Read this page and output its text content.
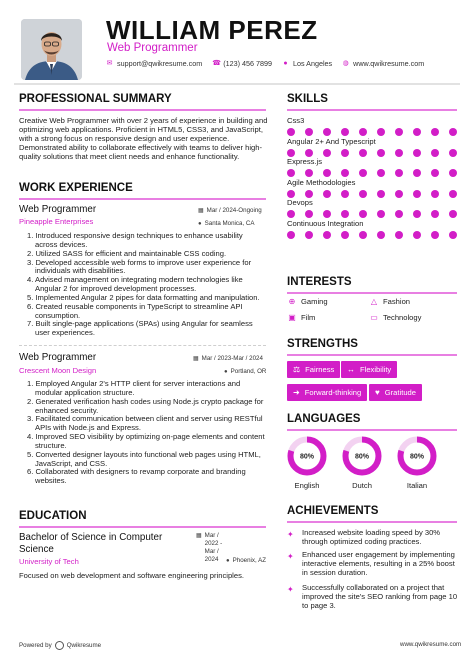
WILLIAM PEREZ
Web Programmer
✉ support@qwikresume.com ☎ (123) 456 7899 ● Los Angeles ◍ www.qwikresume.com
PROFESSIONAL SUMMARY
Creative Web Programmer with over 2 years of experience in building and optimizing web applications. Proficient in HTML5, CSS3, and JavaScript, with a strong focus on responsive design and user experience. Demonstrated ability to collaborate effectively with teams to deliver high-quality solutions that meet client needs and enhance functionality.
WORK EXPERIENCE
Web Programmer	▦ Mar / 2024-Ongoing
Pineapple Enterprises	● Santa Monica, CA
1. Introduced responsive design techniques to enhance usability across devices.
2. Utilized SASS for efficient and maintainable CSS coding.
3. Developed accessible web forms to improve user experience for individuals with disabilities.
4. Advised management on integrating modern technologies like Angular 2 for improved development processes.
5. Implemented Angular 2 pipes for data formatting and manipulation.
6. Created reusable components in TypeScript to streamline API consumption.
7. Built single-page applications (SPAs) using Angular for seamless user experiences.
Web Programmer	▦ Mar / 2023-Mar / 2024
Crescent Moon Design	● Portland, OR
1. Employed Angular 2's HTTP client for server interactions and modular application structure.
2. Generated verification hash codes using Node.js crypto package for enhanced security.
3. Facilitated communication between client and server using RESTful APIs with Node.js and Express.
4. Improved SEO visibility by optimizing on-page elements and content structure.
5. Converted designer layouts into functional web pages using HTML, JavaScript, and CSS.
6. Collaborated with designers to revamp corporate and branding websites.
EDUCATION
Bachelor of Science in Computer Science
▦ Mar / 2022 - Mar / 2024
University of Tech	● Phoenix, AZ
Focused on web development and software engineering principles.
SKILLS
INTERESTS
⊕ Gaming	△ Fashion
▣ Film	▭ Technology
STRENGTHS
⚖ Fairness ↔ Flexibility
➜ Forward-thinking ♥ Gratitude
LANGUAGES
ACHIEVEMENTS
✦	Increased website loading speed by 30% through optimized coding practices.
✦	Enhanced user engagement by implementing interactive elements, resulting in a 25% boost in session duration.
✦	Successfully collaborated on a project that improved the site's SEO ranking from page 10 to page 3.
Powered by Qwikresume	www.qwikresume.com
Css3
Angular 2+ And Typescript
Express.js
Agile Methodologies
Devops
Continuous Integration
80%
English
80%
Dutch
80%
Italian
